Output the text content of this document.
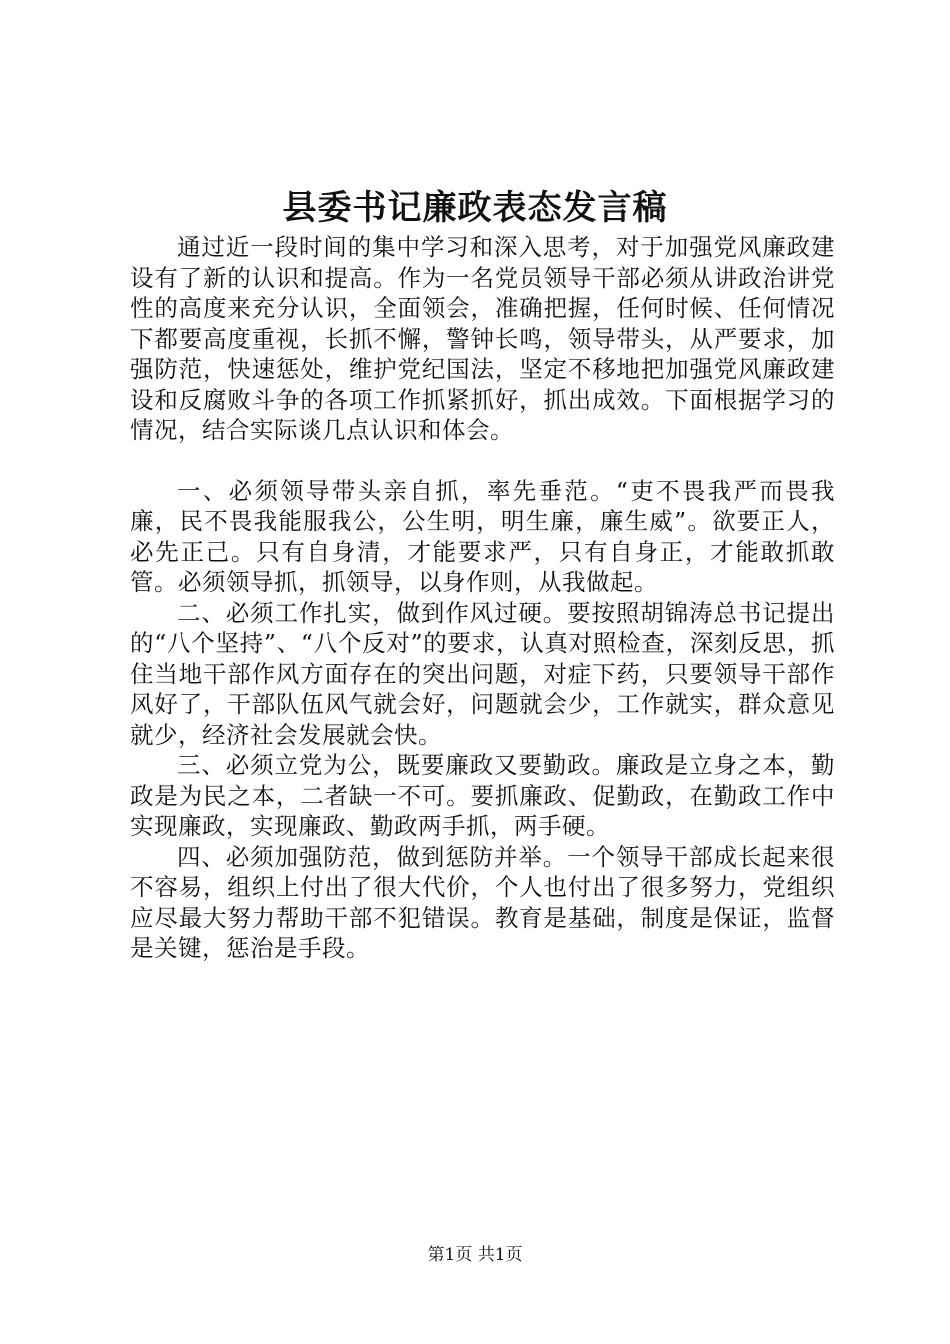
县委书记廉政表态发言稿

通过近一段时间的集中学习和深入思考，对于加强党风廉政建设有了新的认识和提高。作为一名党员领导干部必须从讲政治讲党性的高度来充分认识，全面领会，准确把握，任何时候、任何情况下都要高度重视，长抓不懈，警钟长鸣，领导带头，从严要求，加强防范，快速惩处，维护党纪国法，坚定不移地把加强党风廉政建设和反腐败斗争的各项工作抓紧抓好，抓出成效。下面根据学习的情况，结合实际谈几点认识和体会。

一、必须领导带头亲自抓，率先垂范。“吏不畏我严而畏我廉，民不畏我能服我公，公生明，明生廉，廉生威”。欲要正人，必先正己。只有自身清，才能要求严，只有自身正，才能敢抓敢管。必须领导抓，抓领导，以身作则，从我做起。

二、必须工作扎实，做到作风过硬。要按照胡锦涛总书记提出的“八个坚持”、“八个反对”的要求，认真对照检查，深刻反思，抓住当地干部作风方面存在的突出问题，对症下药，只要领导干部作风好了，干部队伍风气就会好，问题就会少，工作就实，群众意见就少，经济社会发展就会快。

三、必须立党为公，既要廉政又要勤政。廉政是立身之本，勤政是为民之本，二者缺一不可。要抓廉政、促勤政，在勤政工作中实现廉政，实现廉政、勤政两手抓，两手硬。

四、必须加强防范，做到惩防并举。一个领导干部成长起来很不容易，组织上付出了很大代价，个人也付出了很多努力，党组织应尽最大努力帮助干部不犯错误。教育是基础，制度是保证，监督是关键，惩治是手段。

第1页 共1页
